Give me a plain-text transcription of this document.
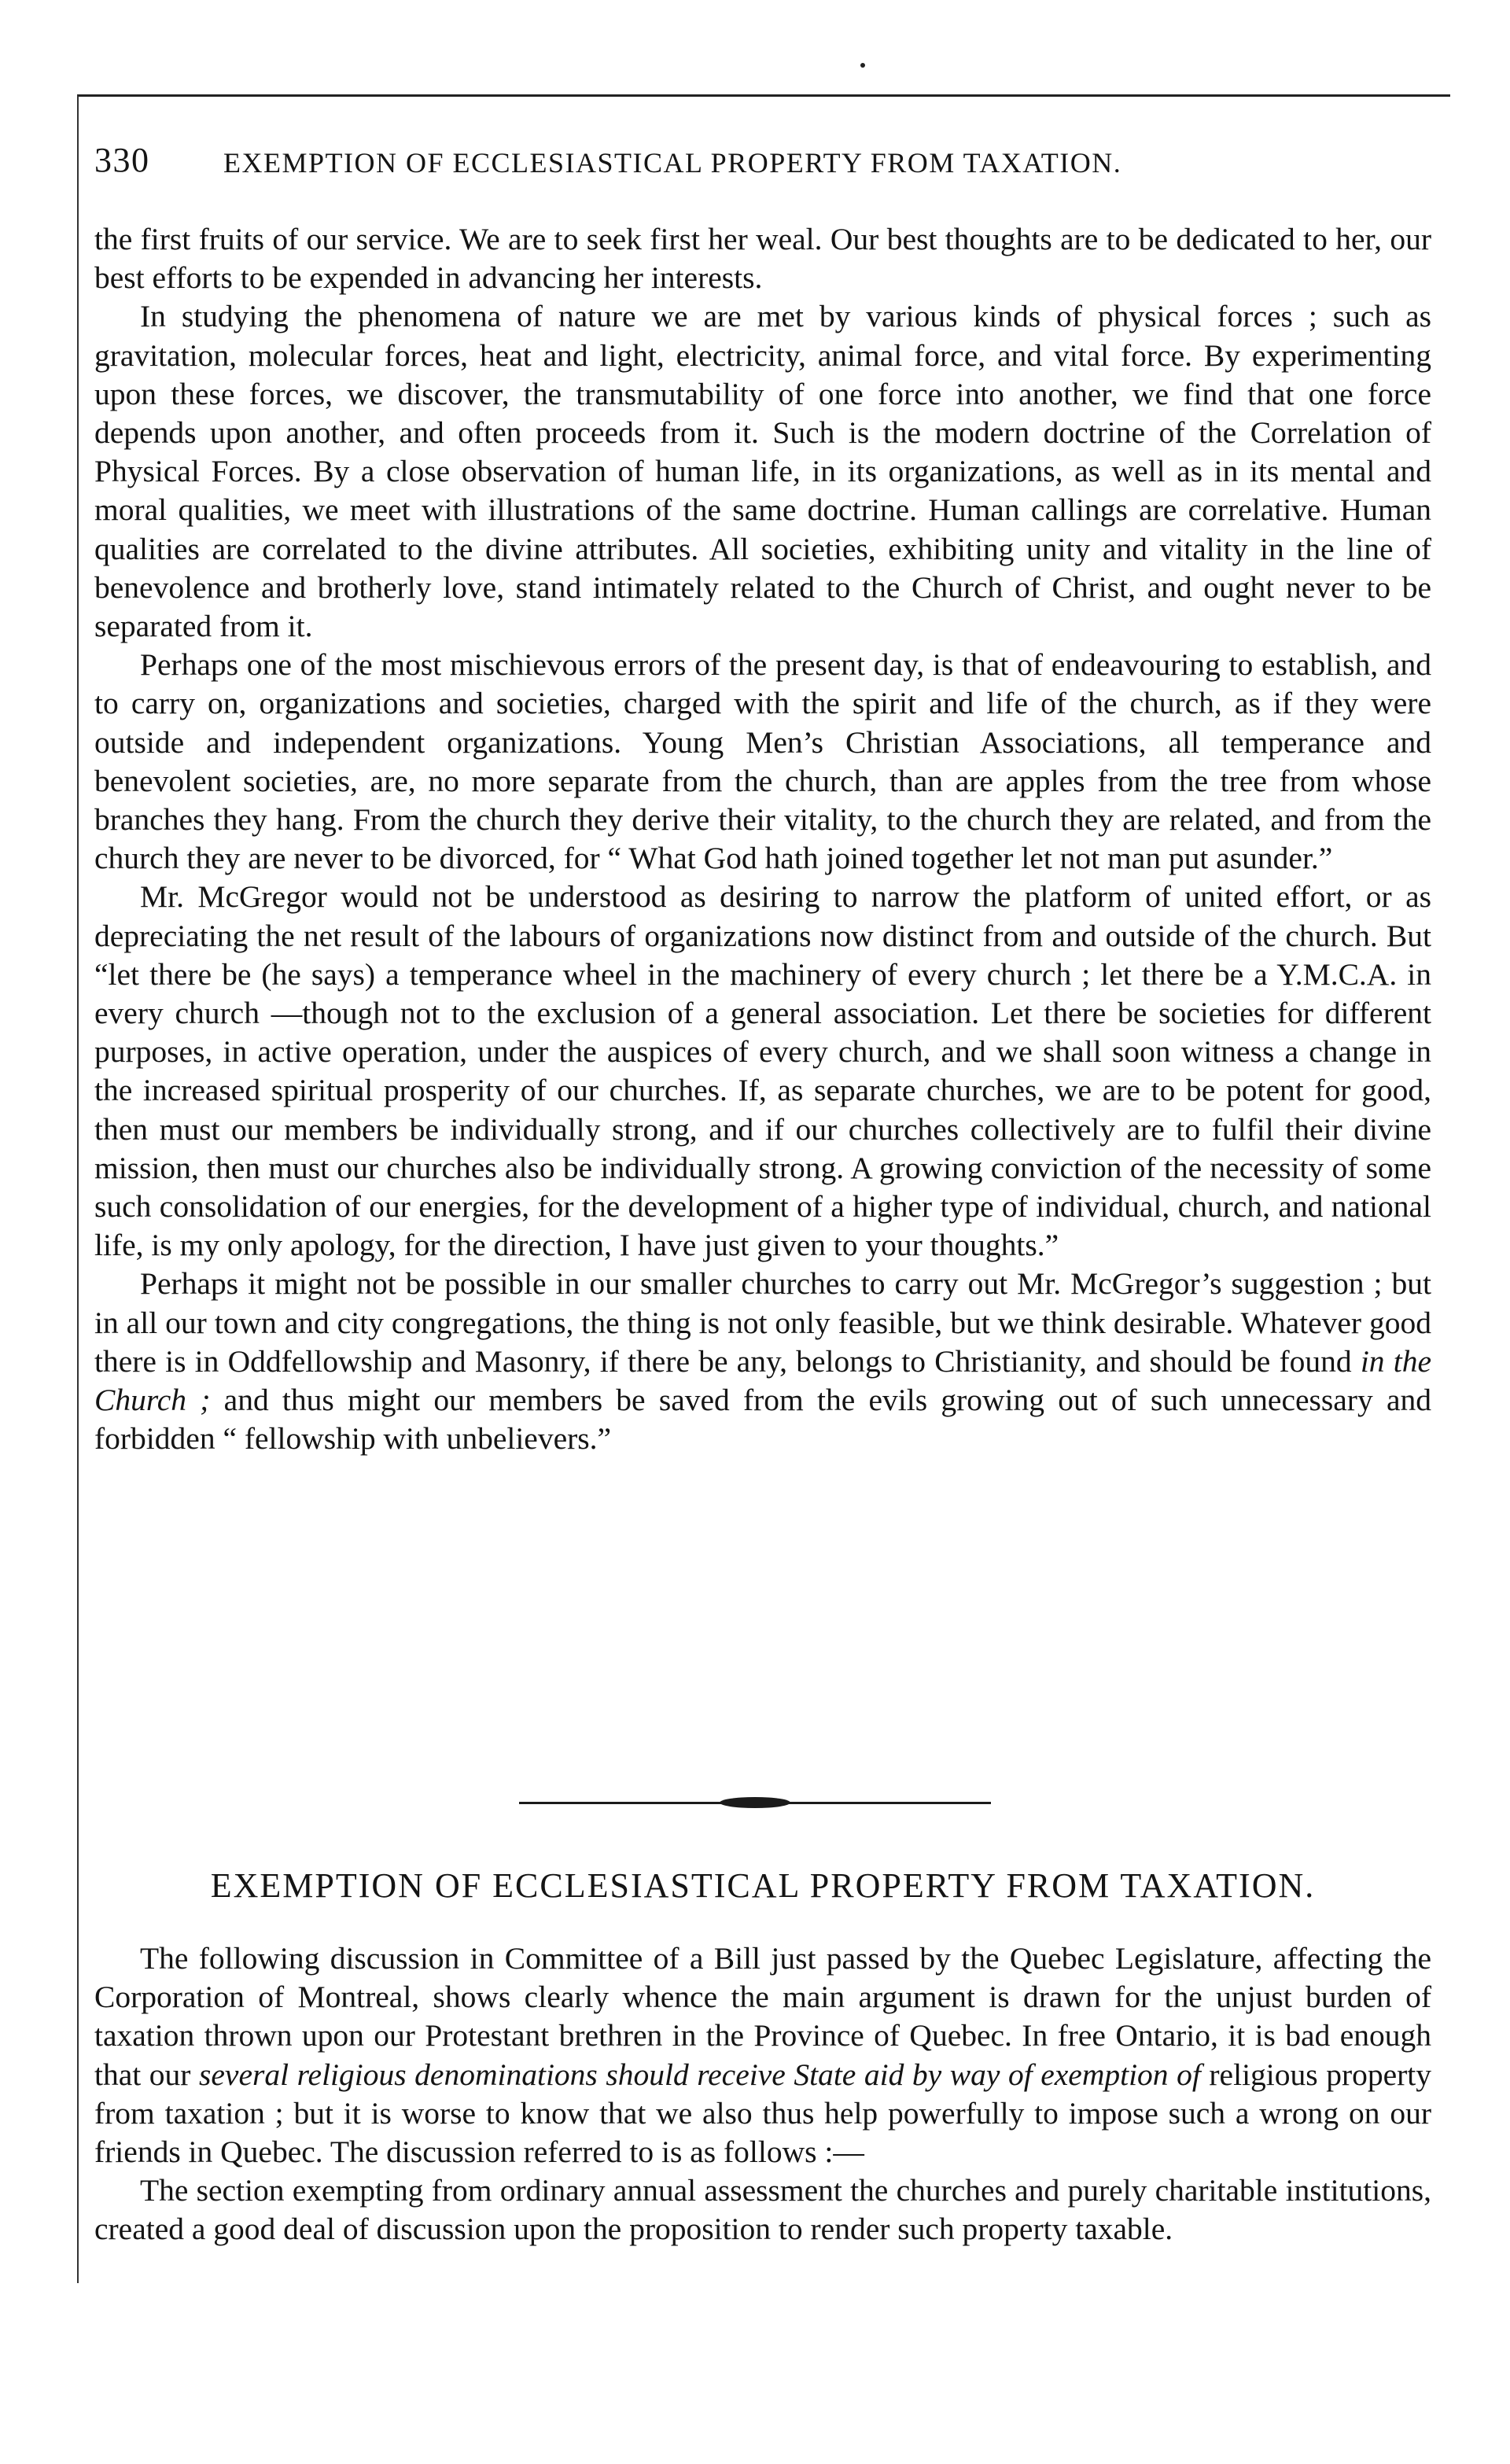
330	EXEMPTION OF ECCLESIASTICAL PROPERTY FROM TAXATION.

the first fruits of our service. We are to seek first her weal. Our best thoughts are to be dedicated to her, our best efforts to be expended in advancing her interests.

In studying the phenomena of nature we are met by various kinds of physical forces ; such as gravitation, molecular forces, heat and light, electricity, animal force, and vital force. By experimenting upon these forces, we discover, the transmutability of one force into another, we find that one force depends upon another, and often proceeds from it. Such is the modern doctrine of the Correlation of Physical Forces. By a close observation of human life, in its organizations, as well as in its mental and moral qualities, we meet with illustrations of the same doctrine. Human callings are correlative. Human qualities are correlated to the divine attributes. All societies, exhibiting unity and vitality in the line of benevolence and brotherly love, stand intimately related to the Church of Christ, and ought never to be separated from it.

Perhaps one of the most mischievous errors of the present day, is that of endeavouring to establish, and to carry on, organizations and societies, charged with the spirit and life of the church, as if they were outside and independent organizations. Young Men’s Christian Associations, all temperance and benevolent societies, are, no more separate from the church, than are apples from the tree from whose branches they hang. From the church they derive their vitality, to the church they are related, and from the church they are never to be divorced, for “ What God hath joined together let not man put asunder.”

Mr. McGregor would not be understood as desiring to narrow the platform of united effort, or as depreciating the net result of the labours of organizations now distinct from and outside of the church. But “let there be (he says) a temperance wheel in the machinery of every church ; let there be a Y.M.C.A. in every church —though not to the exclusion of a general association. Let there be societies for different purposes, in active operation, under the auspices of every church, and we shall soon witness a change in the increased spiritual prosperity of our churches. If, as separate churches, we are to be potent for good, then must our members be individually strong, and if our churches collectively are to fulfil their divine mission, then must our churches also be individually strong. A growing conviction of the necessity of some such consolidation of our energies, for the development of a higher type of individual, church, and national life, is my only apology, for the direction, I have just given to your thoughts.”

Perhaps it might not be possible in our smaller churches to carry out Mr. McGregor’s suggestion ; but in all our town and city congregations, the thing is not only feasible, but we think desirable. Whatever good there is in Oddfellowship and Masonry, if there be any, belongs to Christianity, and should be found in the Church ; and thus might our members be saved from the evils growing out of such unnecessary and forbidden “ fellowship with unbelievers.”

EXEMPTION OF ECCLESIASTICAL PROPERTY FROM TAXATION.

The following discussion in Committee of a Bill just passed by the Quebec Legislature, affecting the Corporation of Montreal, shows clearly whence the main argument is drawn for the unjust burden of taxation thrown upon our Protestant brethren in the Province of Quebec. In free Ontario, it is bad enough that our several religious denominations should receive State aid by way of exemption of religious property from taxation ; but it is worse to know that we also thus help powerfully to impose such a wrong on our friends in Quebec. The discussion referred to is as follows :—

The section exempting from ordinary annual assessment the churches and purely charitable institutions, created a good deal of discussion upon the proposition to render such property taxable.
